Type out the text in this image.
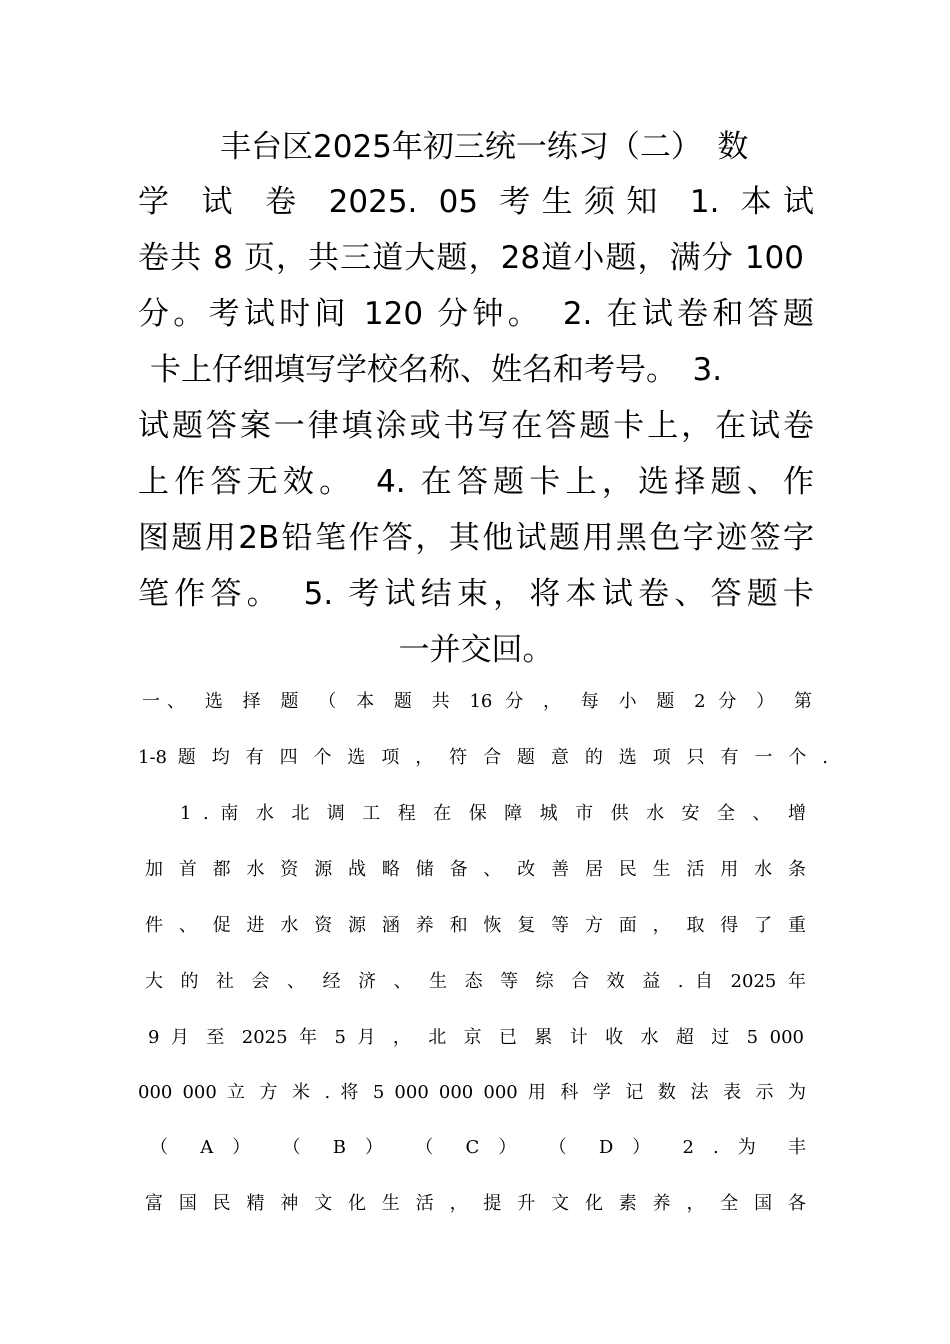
丰台区2025年初三统一练习（二）　数

学 试 卷 2025. 05 考生须知 1. 本试

卷共 8 页，共三道大题，28道小题，满分 100

分。考试时间 120 分钟。　2. 在试卷和答题

卡上仔细填写学校名称、姓名和考号。　3.

试题答案一律填涂或书写在答题卡上，在试卷

上作答无效。　4. 在答题卡上，选择题、作

图题用2B铅笔作答，其他试题用黑色字迹签字

笔作答。　5. 考试结束，将本试卷、答题卡

一并交回。

一、 选 择 题 （ 本 题 共 16 分 ， 每 小 题 2 分 ） 第

1-8 题 均 有 四 个 选 项 ， 符 合 题 意 的 选 项 只 有 一 个 .

1 . 南 水 北 调 工 程 在 保 障 城 市 供 水 安 全 、 增

加 首 都 水 资 源 战 略 储 备 、 改 善 居 民 生 活 用 水 条

件 、 促 进 水 资 源 涵 养 和 恢 复 等 方 面 ， 取 得 了 重

大 的 社 会 、 经 济 、 生 态 等 综 合 效 益 . 自 2025 年

9 月 至 2025 年 5 月 ， 北 京 已 累 计 收 水 超 过 5 000

000 000 立 方 米 . 将 5 000 000 000 用 科 学 记 数 法 表 示 为

（ A ） （ B ） （ C ） （ D ） 2 . 为 丰

富 国 民 精 神 文 化 生 活 ， 提 升 文 化 素 养 ， 全 国 各
